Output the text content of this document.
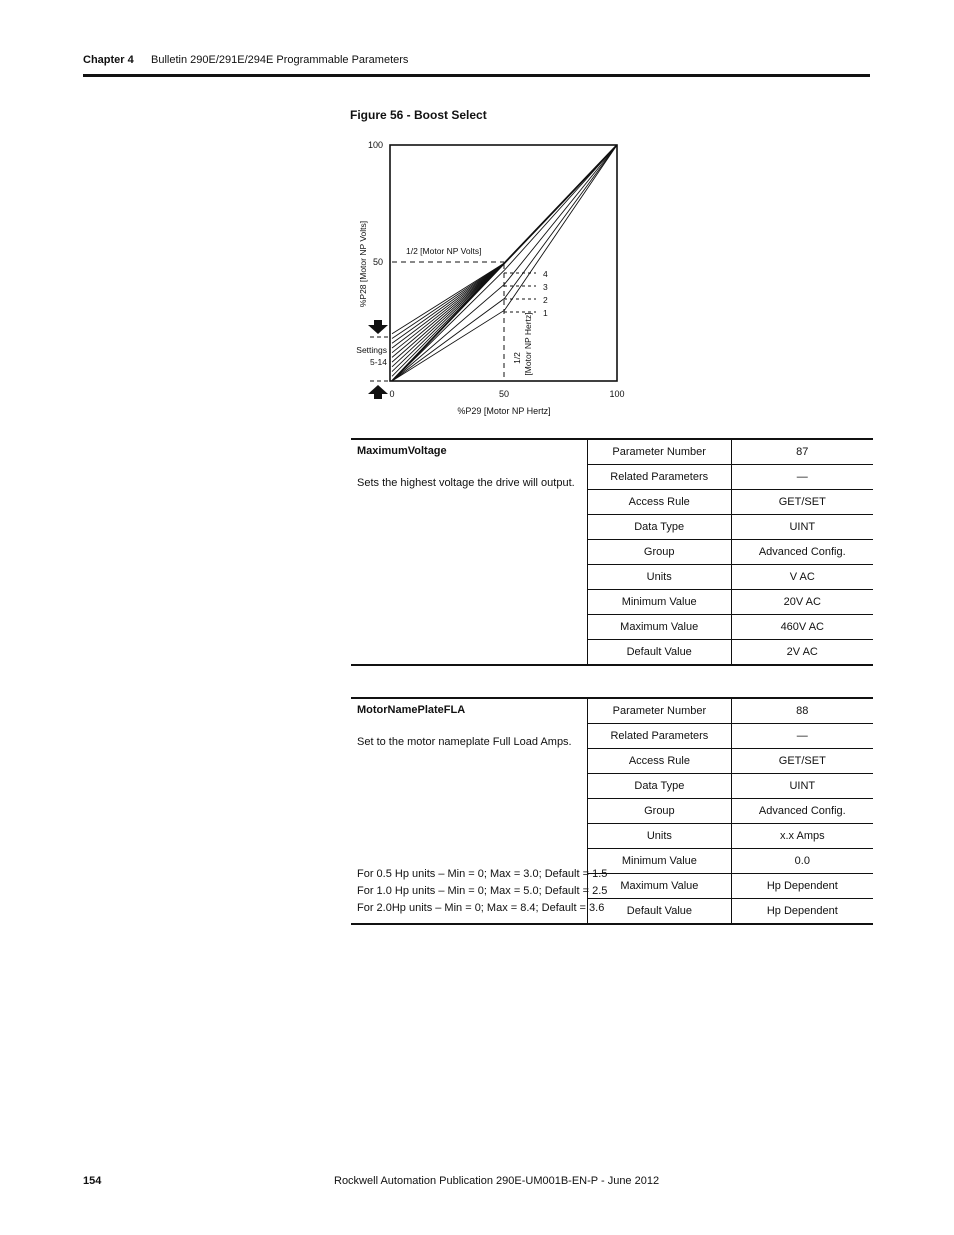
Chapter 4 Bulletin 290E/291E/294E Programmable Parameters
Figure 56 - Boost Select
100
50
0	50	100
%P29 [Motor NP Hertz]
%P28 [Motor NP Volts]	1/2 [Motor NP Volts]
1/2 [Motor NP Hertz]
4
3
2
1
Settings
5-14
MaximumVoltage
Sets the highest voltage the drive will output.	Parameter Number	87
	Related Parameters	—
	Access Rule	GET/SET
	Data Type	UINT
	Group	Advanced Config.
	Units	V AC
	Minimum Value	20V AC
	Maximum Value	460V AC
	Default Value	2V AC
MotorNamePlateFLA
Set to the motor nameplate Full Load Amps.
For 0.5 Hp units – Min = 0; Max = 3.0; Default = 1.5
For 1.0 Hp units – Min = 0; Max = 5.0; Default = 2.5
For 2.0Hp units – Min = 0; Max = 8.4; Default = 3.6	Parameter Number	88
	Related Parameters	—
	Access Rule	GET/SET
	Data Type	UINT
	Group	Advanced Config.
	Units	x.x Amps
	Minimum Value	0.0
	Maximum Value	Hp Dependent
	Default Value	Hp Dependent
154	Rockwell Automation Publication 290E-UM001B-EN-P - June 2012
